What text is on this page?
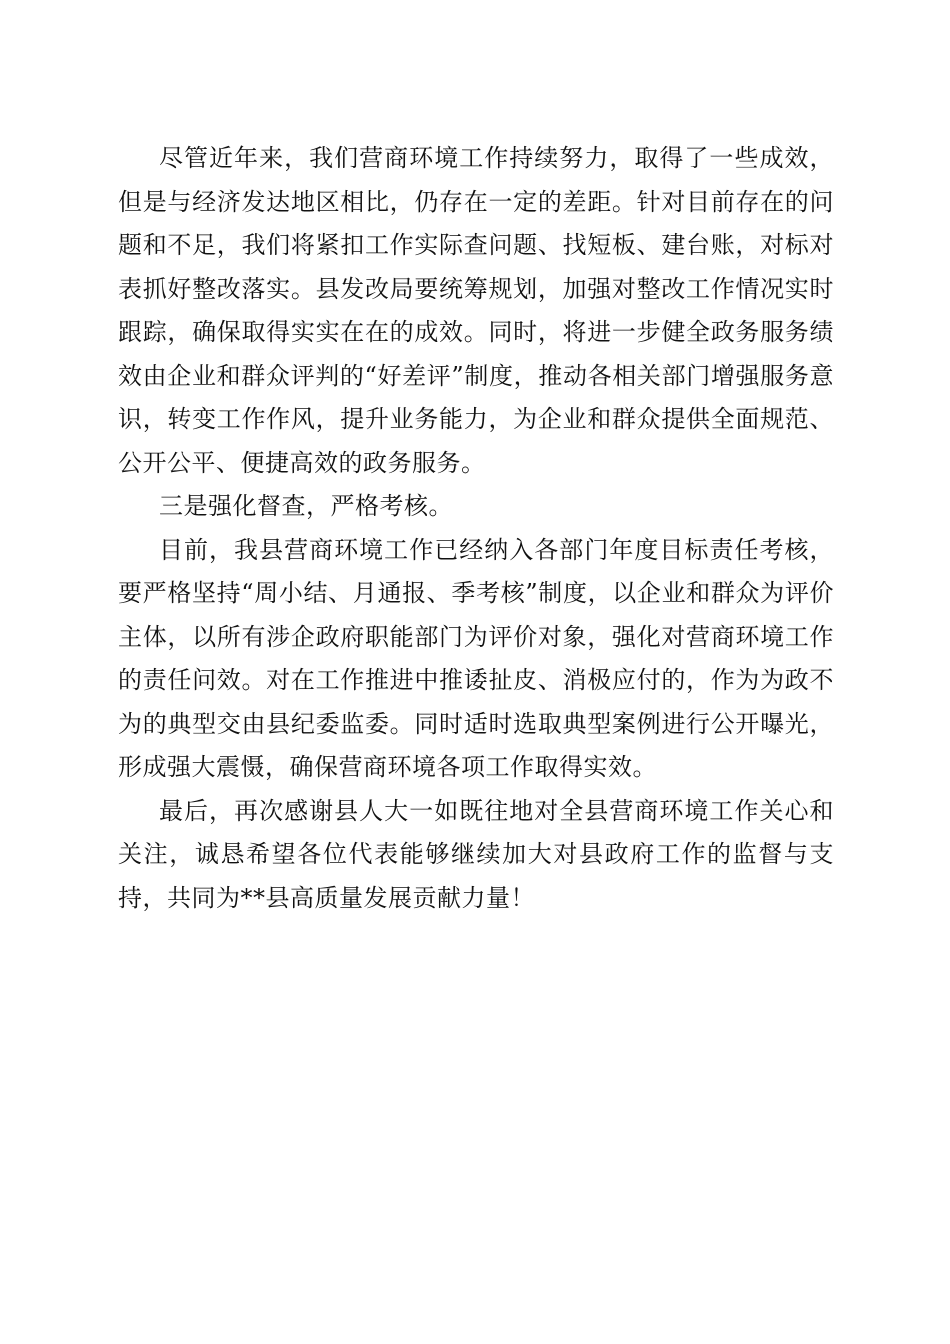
尽管近年来，我们营商环境工作持续努力，取得了一些成效，但是与经济发达地区相比，仍存在一定的差距。针对目前存在的问题和不足，我们将紧扣工作实际查问题、找短板、建台账，对标对表抓好整改落实。县发改局要统筹规划，加强对整改工作情况实时跟踪，确保取得实实在在的成效。同时，将进一步健全政务服务绩效由企业和群众评判的“好差评”制度，推动各相关部门增强服务意识，转变工作作风，提升业务能力，为企业和群众提供全面规范、公开公平、便捷高效的政务服务。

三是强化督查，严格考核。

目前，我县营商环境工作已经纳入各部门年度目标责任考核，要严格坚持“周小结、月通报、季考核”制度，以企业和群众为评价主体，以所有涉企政府职能部门为评价对象，强化对营商环境工作的责任问效。对在工作推进中推诿扯皮、消极应付的，作为为政不为的典型交由县纪委监委。同时适时选取典型案例进行公开曝光，形成强大震慑，确保营商环境各项工作取得实效。

最后，再次感谢县人大一如既往地对全县营商环境工作关心和关注，诚恳希望各位代表能够继续加大对县政府工作的监督与支持，共同为**县高质量发展贡献力量！
